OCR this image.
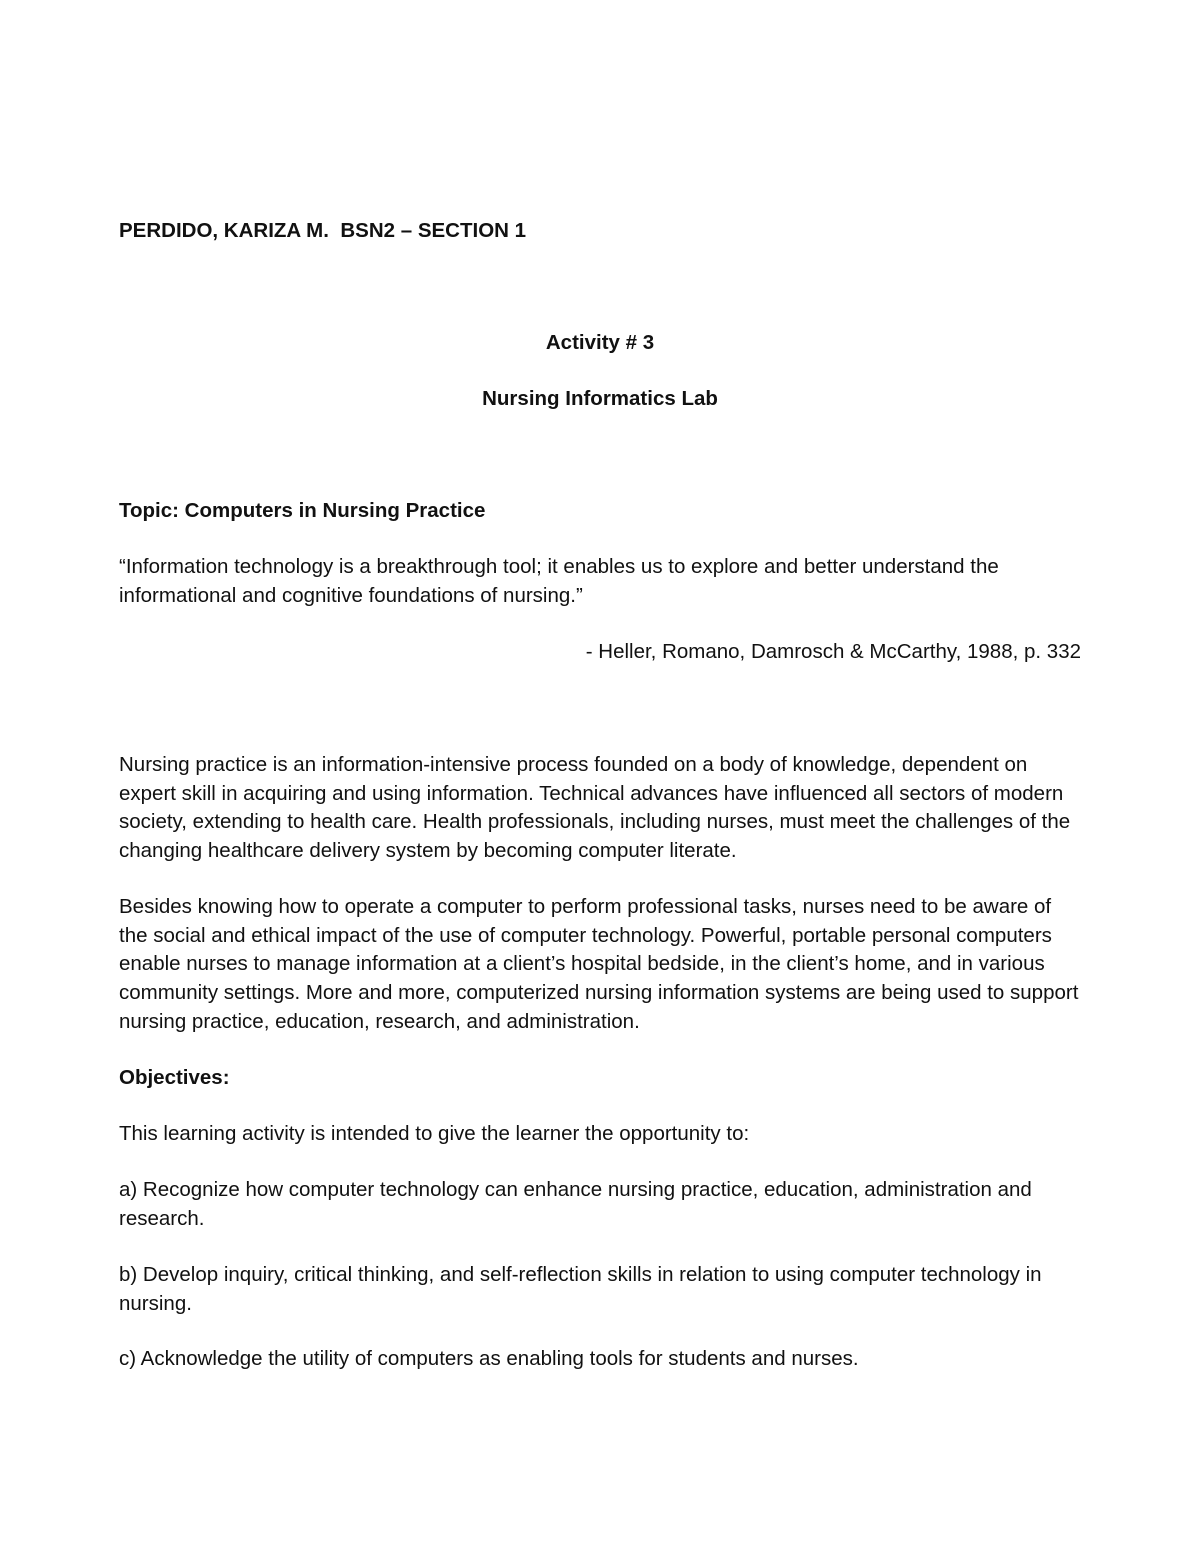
PERDIDO, KARIZA M. BSN2 – SECTION 1

Activity # 3

Nursing Informatics Lab

Topic: Computers in Nursing Practice

“Information technology is a breakthrough tool; it enables us to explore and better understand the informational and cognitive foundations of nursing.”

- Heller, Romano, Damrosch & McCarthy, 1988, p. 332

Nursing practice is an information-intensive process founded on a body of knowledge, dependent on expert skill in acquiring and using information. Technical advances have influenced all sectors of modern society, extending to health care. Health professionals, including nurses, must meet the challenges of the changing healthcare delivery system by becoming computer literate.

Besides knowing how to operate a computer to perform professional tasks, nurses need to be aware of the social and ethical impact of the use of computer technology. Powerful, portable personal computers enable nurses to manage information at a client’s hospital bedside, in the client’s home, and in various community settings. More and more, computerized nursing information systems are being used to support nursing practice, education, research, and administration.

Objectives:

This learning activity is intended to give the learner the opportunity to:

a) Recognize how computer technology can enhance nursing practice, education, administration and research.

b) Develop inquiry, critical thinking, and self-reflection skills in relation to using computer technology in nursing.

c) Acknowledge the utility of computers as enabling tools for students and nurses.
